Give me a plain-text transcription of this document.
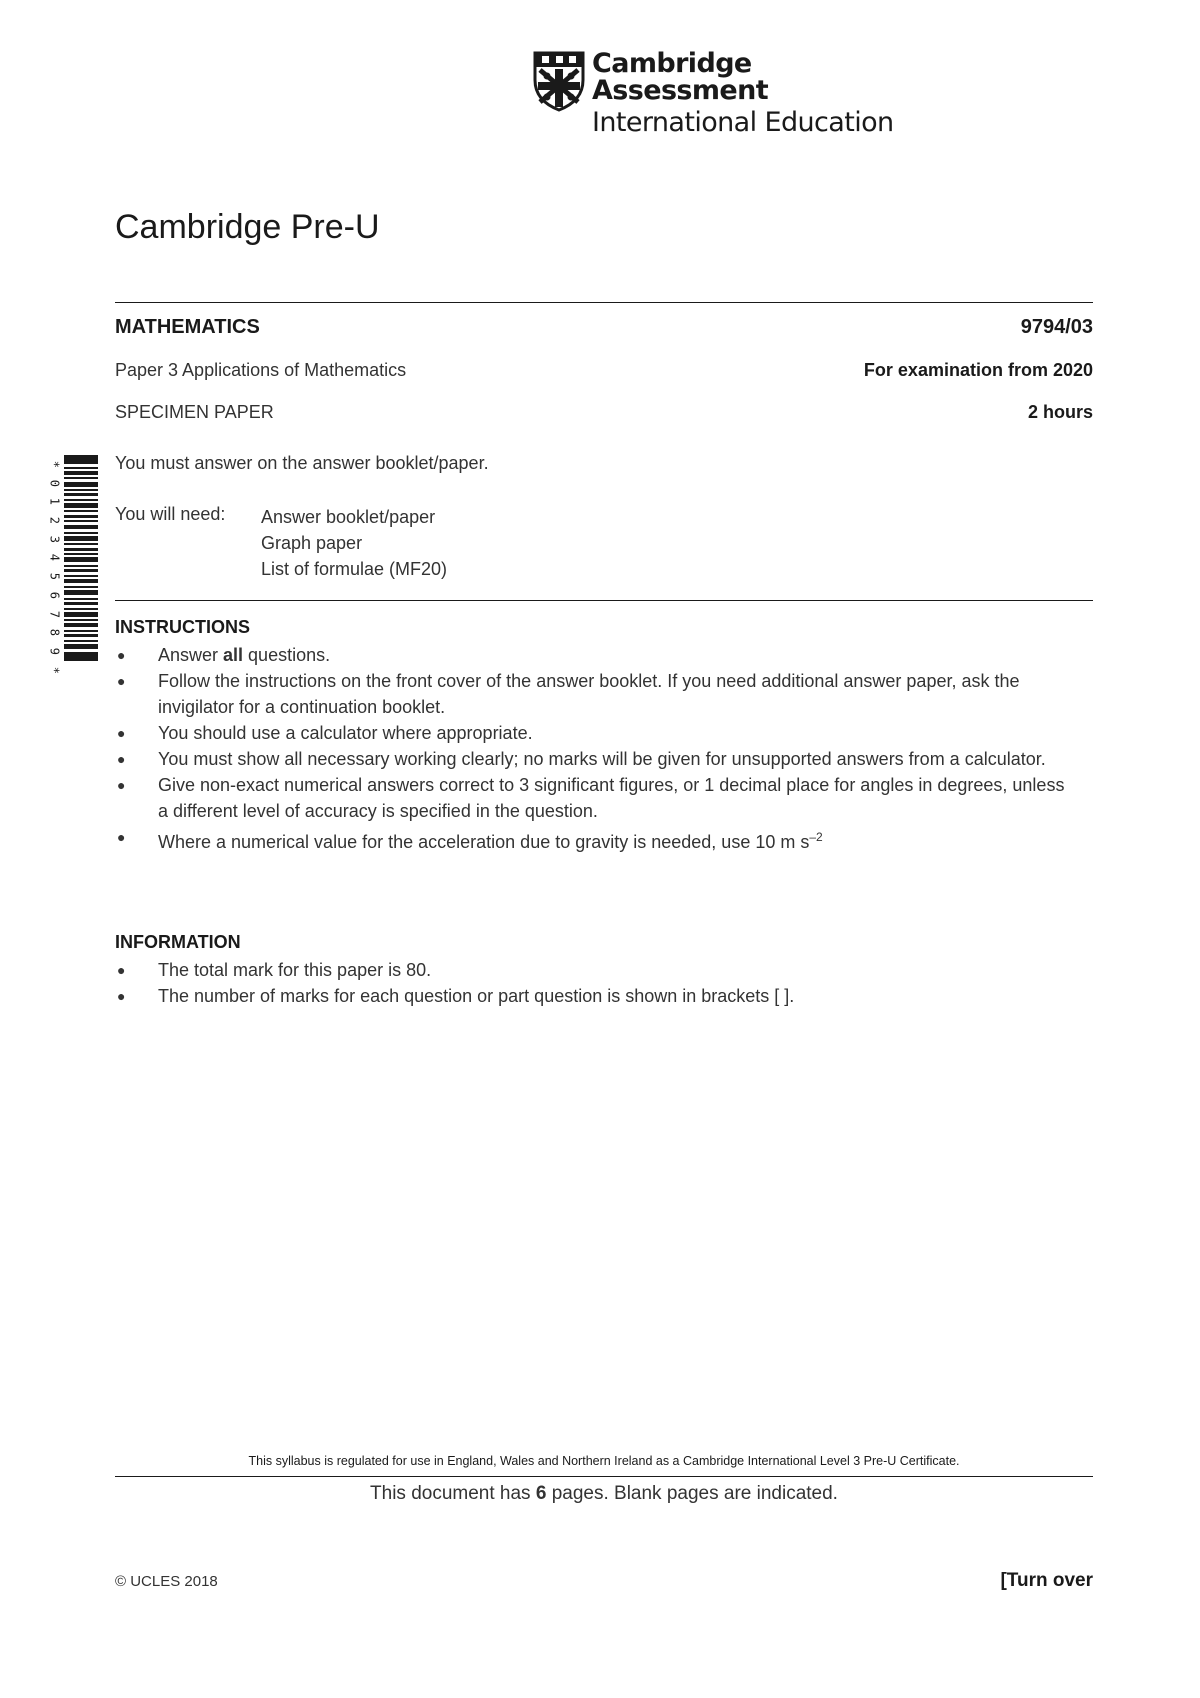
Cambridge Assessment
International Education
Cambridge Pre-U
MATHEMATICS	9794/03
Paper 3 Applications of Mathematics	For examination from 2020
SPECIMEN PAPER	2 hours
*
0
1
2
3
4
5
6
7
8
9
*
You must answer on the answer booklet/paper.
You will need: Answer booklet/paper
Graph paper
List of formulae (MF20)
INSTRUCTIONS
● Answer all questions.
● Follow the instructions on the front cover of the answer booklet. If you need additional answer paper, ask the invigilator for a continuation booklet.
● You should use a calculator where appropriate.
● You must show all necessary working clearly; no marks will be given for unsupported answers from a calculator.
● Give non-exact numerical answers correct to 3 significant figures, or 1 decimal place for angles in degrees, unless a different level of accuracy is specified in the question.
● Where a numerical value for the acceleration due to gravity is needed, use 10 m $s^{-2}$
INFORMATION
● The total mark for this paper is 80.
● The number of marks for each question or part question is shown in brackets [ ].
This syllabus is regulated for use in England, Wales and Northern Ireland as a Cambridge International Level 3 Pre-U Certificate.
This document has 6 pages. Blank pages are indicated.
© UCLES 2018	[Turn over
